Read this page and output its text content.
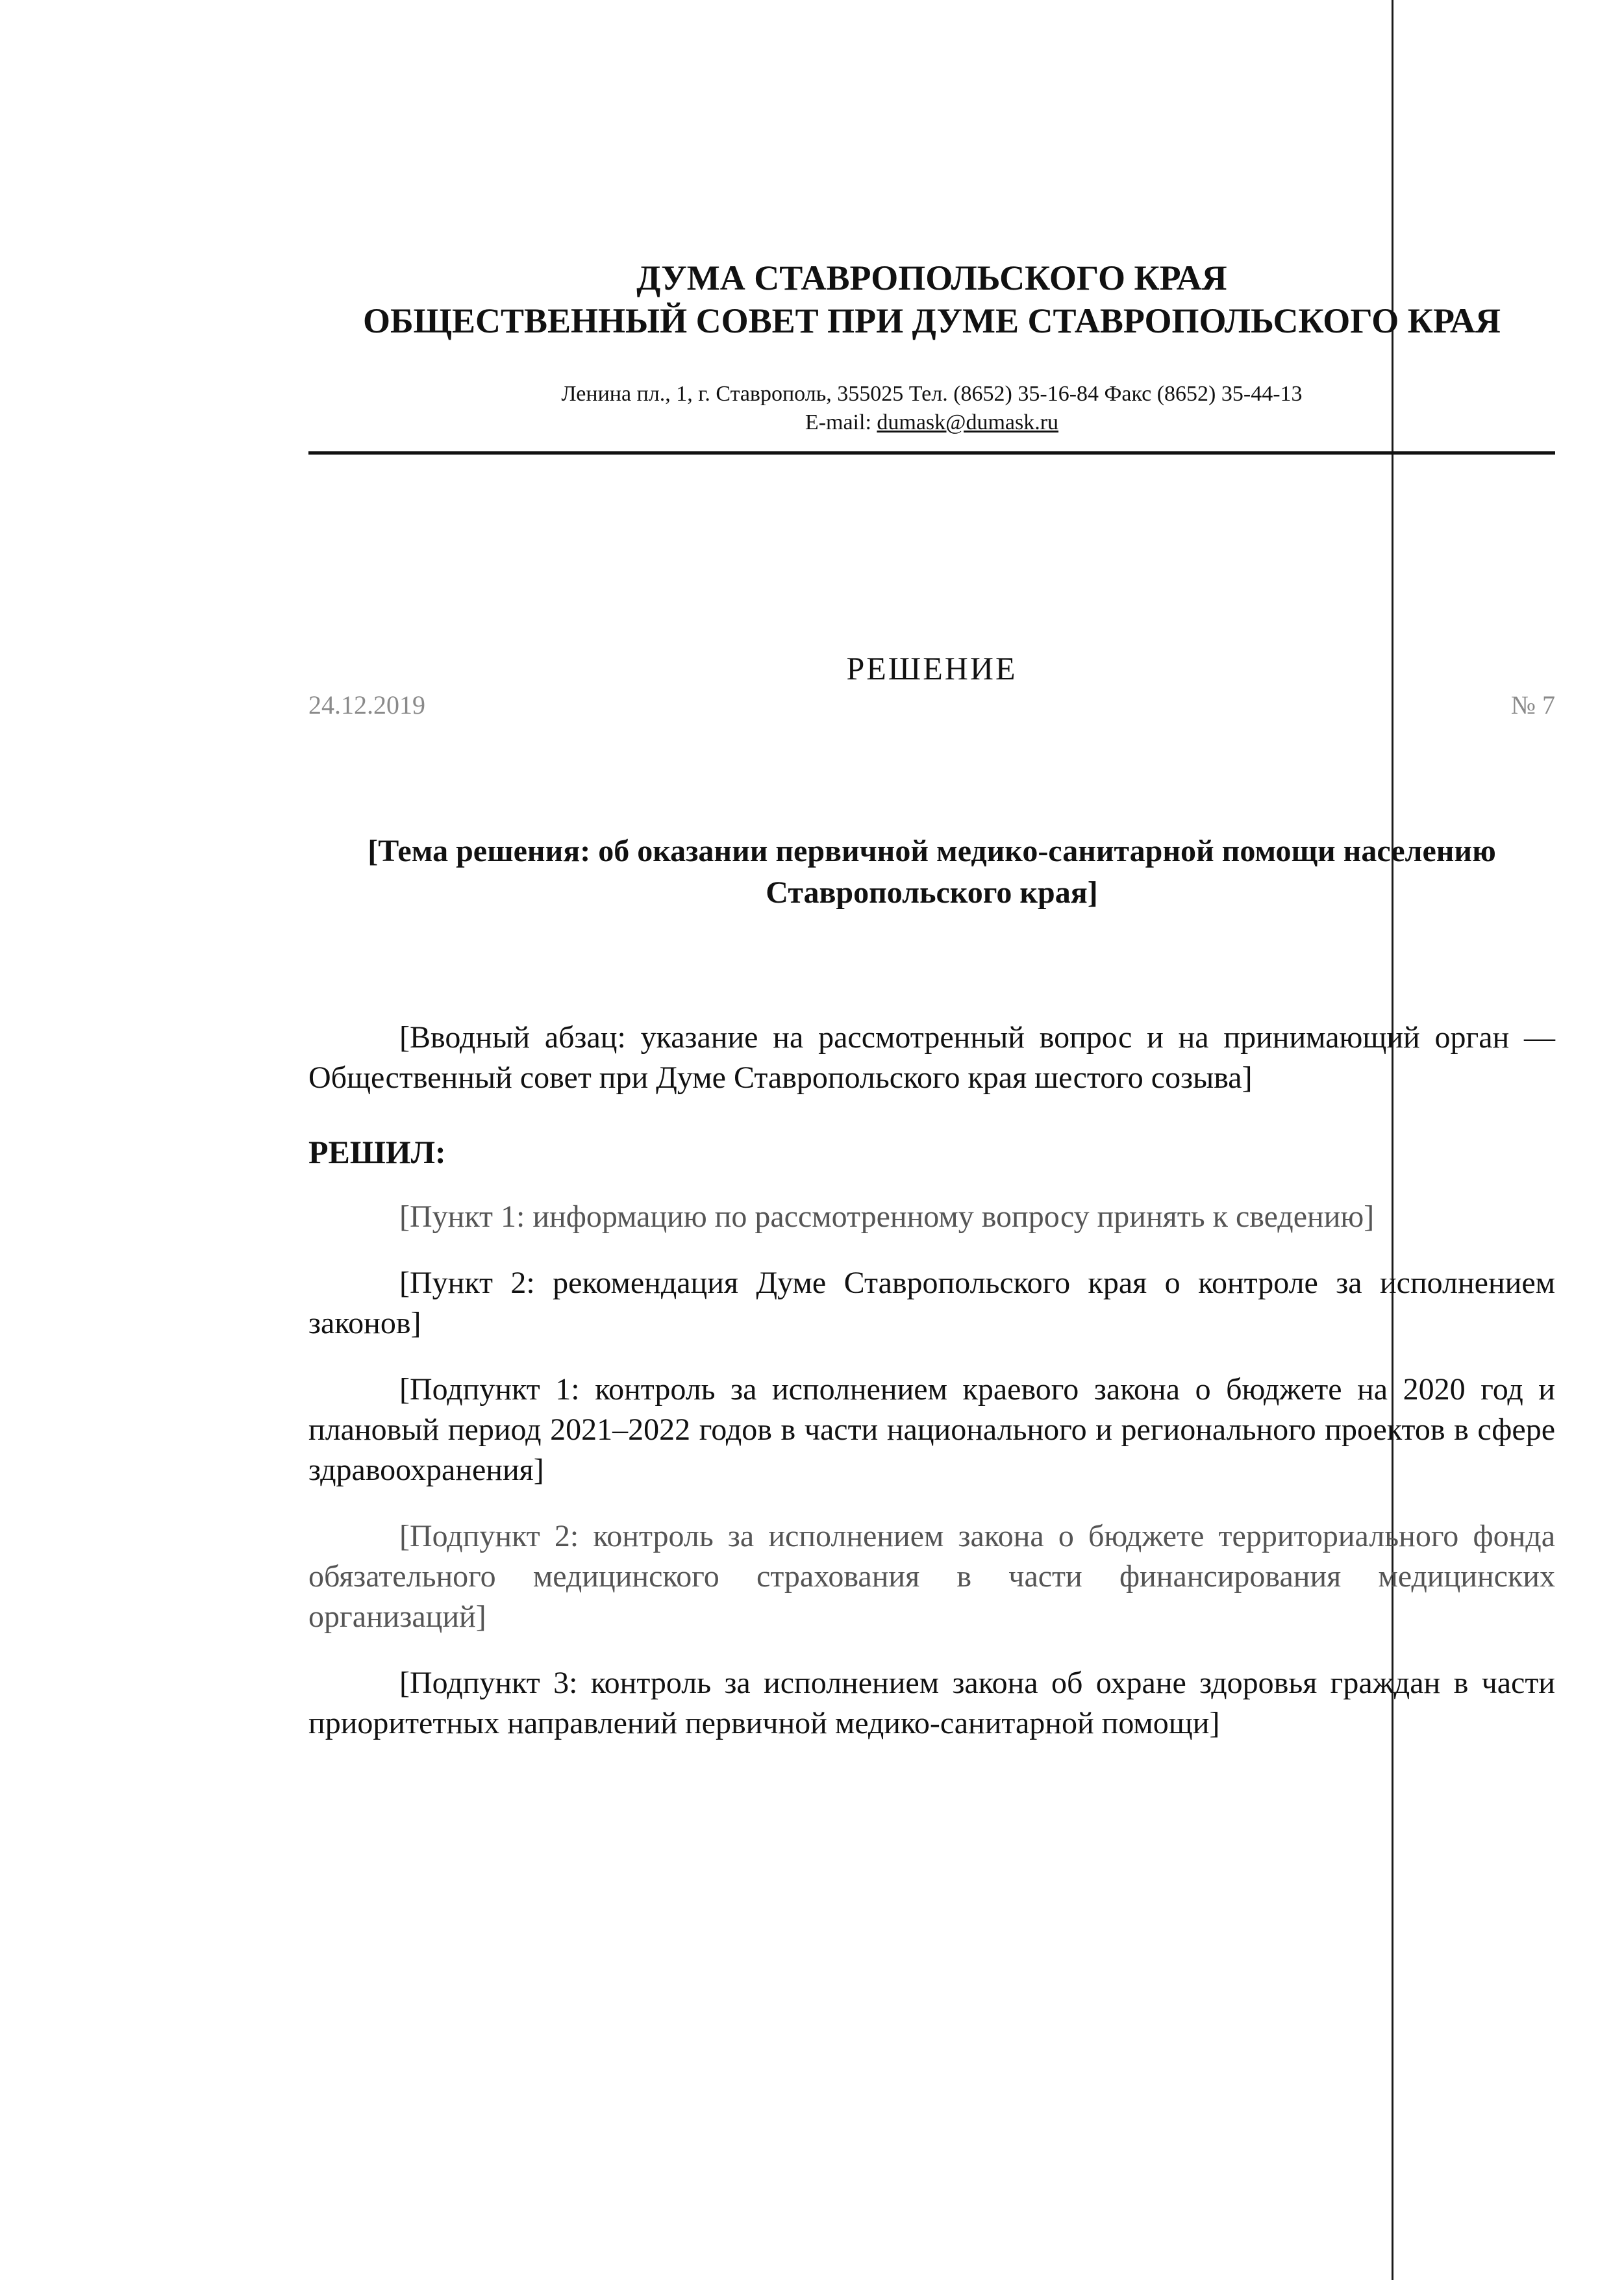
ДУМА СТАВРОПОЛЬСКОГО КРАЯ
ОБЩЕСТВЕННЫЙ СОВЕТ ПРИ ДУМЕ СТАВРОПОЛЬСКОГО КРАЯ
Ленина пл., 1, г. Ставрополь, 355025 Тел. (8652) 35-16-84 Факс (8652) 35-44-13
E-mail: dumask@dumask.ru
РЕШЕНИЕ
24.12.2019	№ 7
[Тема решения: об оказании первичной медико-санитарной помощи населению Ставропольского края]
[Вводный абзац: указание на рассмотренный вопрос и на принимающий орган — Общественный совет при Думе Ставропольского края шестого созыва]
РЕШИЛ:
[Пункт 1: информацию по рассмотренному вопросу принять к сведению]
[Пункт 2: рекомендация Думе Ставропольского края о контроле за исполнением законов]
[Подпункт 1: контроль за исполнением краевого закона о бюджете на 2020 год и плановый период 2021–2022 годов в части национального и регионального проектов в сфере здравоохранения]
[Подпункт 2: контроль за исполнением закона о бюджете территориального фонда обязательного медицинского страхования в части финансирования медицинских организаций]
[Подпункт 3: контроль за исполнением закона об охране здоровья граждан в части приоритетных направлений первичной медико-санитарной помощи]
